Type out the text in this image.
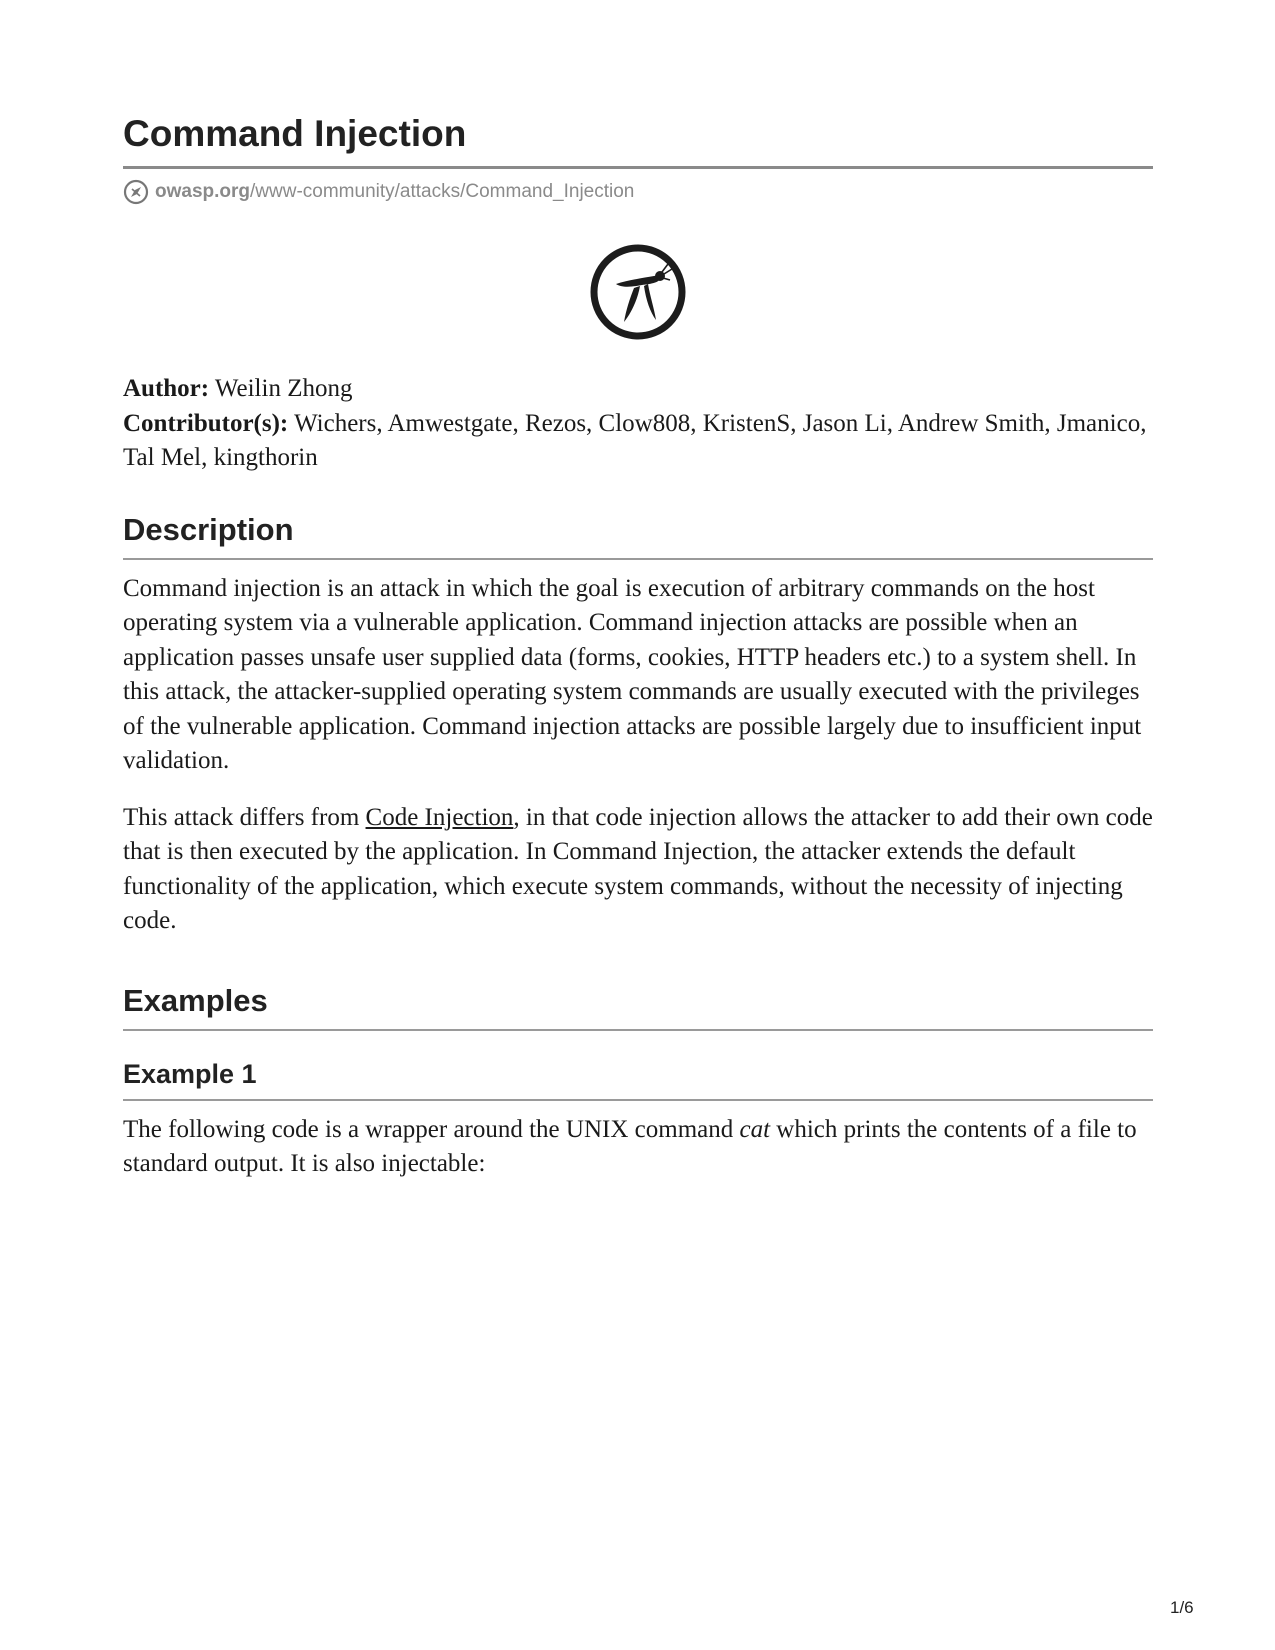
Command Injection
owasp.org /www-community/attacks/Command_Injection
Author: Weilin Zhong
Contributor(s): Wichers, Amwestgate, Rezos, Clow808, KristenS, Jason Li, Andrew Smith, Jmanico, Tal Mel, kingthorin
Description

Command injection is an attack in which the goal is execution of arbitrary commands on the host operating system via a vulnerable application. Command injection attacks are possible when an application passes unsafe user supplied data (forms, cookies, HTTP headers etc.) to a system shell. In this attack, the attacker-supplied operating system commands are usually executed with the privileges of the vulnerable application. Command injection attacks are possible largely due to insufficient input validation.

This attack differs from Code Injection, in that code injection allows the attacker to add their own code that is then executed by the application. In Command Injection, the attacker extends the default functionality of the application, which execute system commands, without the necessity of injecting code.

Examples
Example 1

The following code is a wrapper around the UNIX command cat which prints the contents of a file to standard output. It is also injectable:

1/6
